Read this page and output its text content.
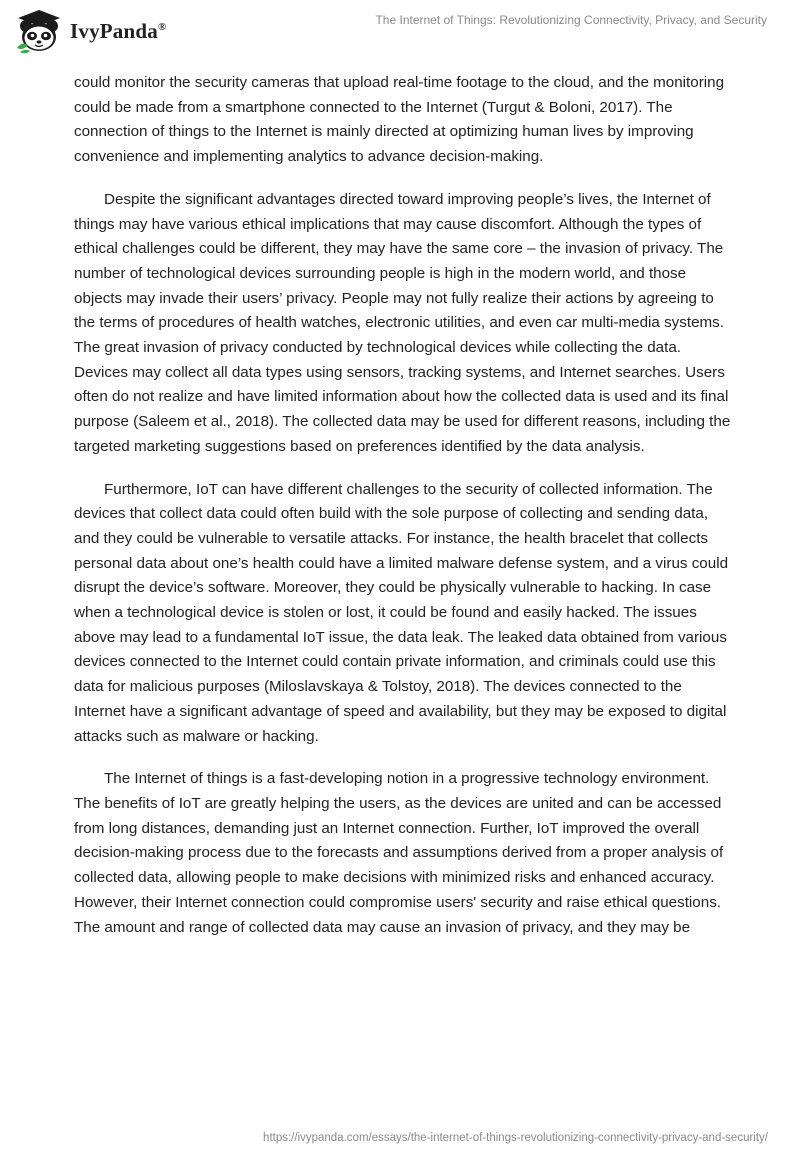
IvyPanda®	The Internet of Things: Revolutionizing Connectivity, Privacy, and Security

could monitor the security cameras that upload real-time footage to the cloud, and the monitoring could be made from a smartphone connected to the Internet (Turgut & Boloni, 2017). The connection of things to the Internet is mainly directed at optimizing human lives by improving convenience and implementing analytics to advance decision-making.

Despite the significant advantages directed toward improving people’s lives, the Internet of things may have various ethical implications that may cause discomfort. Although the types of ethical challenges could be different, they may have the same core – the invasion of privacy. The number of technological devices surrounding people is high in the modern world, and those objects may invade their users’ privacy. People may not fully realize their actions by agreeing to the terms of procedures of health watches, electronic utilities, and even car multi-media systems. The great invasion of privacy conducted by technological devices while collecting the data. Devices may collect all data types using sensors, tracking systems, and Internet searches. Users often do not realize and have limited information about how the collected data is used and its final purpose (Saleem et al., 2018). The collected data may be used for different reasons, including the targeted marketing suggestions based on preferences identified by the data analysis.

Furthermore, IoT can have different challenges to the security of collected information. The devices that collect data could often build with the sole purpose of collecting and sending data, and they could be vulnerable to versatile attacks. For instance, the health bracelet that collects personal data about one’s health could have a limited malware defense system, and a virus could disrupt the device’s software. Moreover, they could be physically vulnerable to hacking. In case when a technological device is stolen or lost, it could be found and easily hacked. The issues above may lead to a fundamental IoT issue, the data leak. The leaked data obtained from various devices connected to the Internet could contain private information, and criminals could use this data for malicious purposes (Miloslavskaya & Tolstoy, 2018). The devices connected to the Internet have a significant advantage of speed and availability, but they may be exposed to digital attacks such as malware or hacking.

The Internet of things is a fast-developing notion in a progressive technology environment. The benefits of IoT are greatly helping the users, as the devices are united and can be accessed from long distances, demanding just an Internet connection. Further, IoT improved the overall decision-making process due to the forecasts and assumptions derived from a proper analysis of collected data, allowing people to make decisions with minimized risks and enhanced accuracy. However, their Internet connection could compromise users' security and raise ethical questions. The amount and range of collected data may cause an invasion of privacy, and they may be

https://ivypanda.com/essays/the-internet-of-things-revolutionizing-connectivity-privacy-and-security/
